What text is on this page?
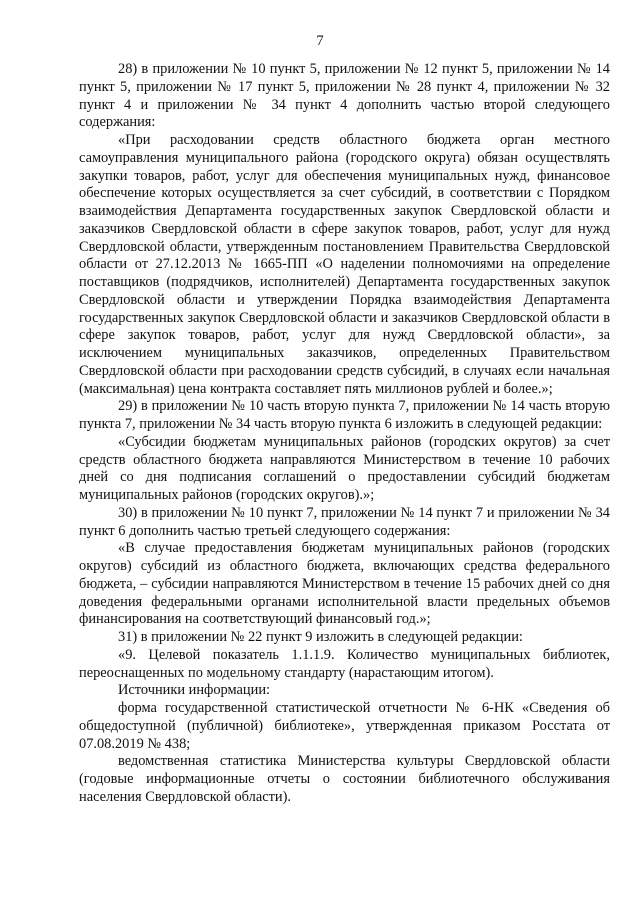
7

28) в приложении № 10 пункт 5, приложении № 12 пункт 5, приложении № 14 пункт 5, приложении № 17 пункт 5, приложении № 28 пункт 4, приложении № 32 пункт 4 и приложении № 34 пункт 4 дополнить частью второй следующего содержания:

«При расходовании средств областного бюджета орган местного самоуправления муниципального района (городского округа) обязан осуществлять закупки товаров, работ, услуг для обеспечения муниципальных нужд, финансовое обеспечение которых осуществляется за счет субсидий, в соответствии с Порядком взаимодействия Департамента государственных закупок Свердловской области и заказчиков Свердловской области в сфере закупок товаров, работ, услуг для нужд Свердловской области, утвержденным постановлением Правительства Свердловской области от 27.12.2013 № 1665-ПП «О наделении полномочиями на определение поставщиков (подрядчиков, исполнителей) Департамента государственных закупок Свердловской области и утверждении Порядка взаимодействия Департамента государственных закупок Свердловской области и заказчиков Свердловской области в сфере закупок товаров, работ, услуг для нужд Свердловской области», за исключением муниципальных заказчиков, определенных Правительством Свердловской области при расходовании средств субсидий, в случаях если начальная (максимальная) цена контракта составляет пять миллионов рублей и более.»;

29) в приложении № 10 часть вторую пункта 7, приложении № 14 часть вторую пункта 7, приложении № 34 часть вторую пункта 6 изложить в следующей редакции:

«Субсидии бюджетам муниципальных районов (городских округов) за счет средств областного бюджета направляются Министерством в течение 10 рабочих дней со дня подписания соглашений о предоставлении субсидий бюджетам муниципальных районов (городских округов).»;

30) в приложении № 10 пункт 7, приложении № 14 пункт 7 и приложении № 34 пункт 6 дополнить частью третьей следующего содержания:

«В случае предоставления бюджетам муниципальных районов (городских округов) субсидий из областного бюджета, включающих средства федерального бюджета, – субсидии направляются Министерством в течение 15 рабочих дней со дня доведения федеральными органами исполнительной власти предельных объемов финансирования на соответствующий финансовый год.»;

31) в приложении № 22 пункт 9 изложить в следующей редакции:

«9. Целевой показатель 1.1.1.9. Количество муниципальных библиотек, переоснащенных по модельному стандарту (нарастающим итогом).

Источники информации:

форма государственной статистической отчетности № 6-НК «Сведения об общедоступной (публичной) библиотеке», утвержденная приказом Росстата от 07.08.2019 № 438;

ведомственная статистика Министерства культуры Свердловской области (годовые информационные отчеты о состоянии библиотечного обслуживания населения Свердловской области).
